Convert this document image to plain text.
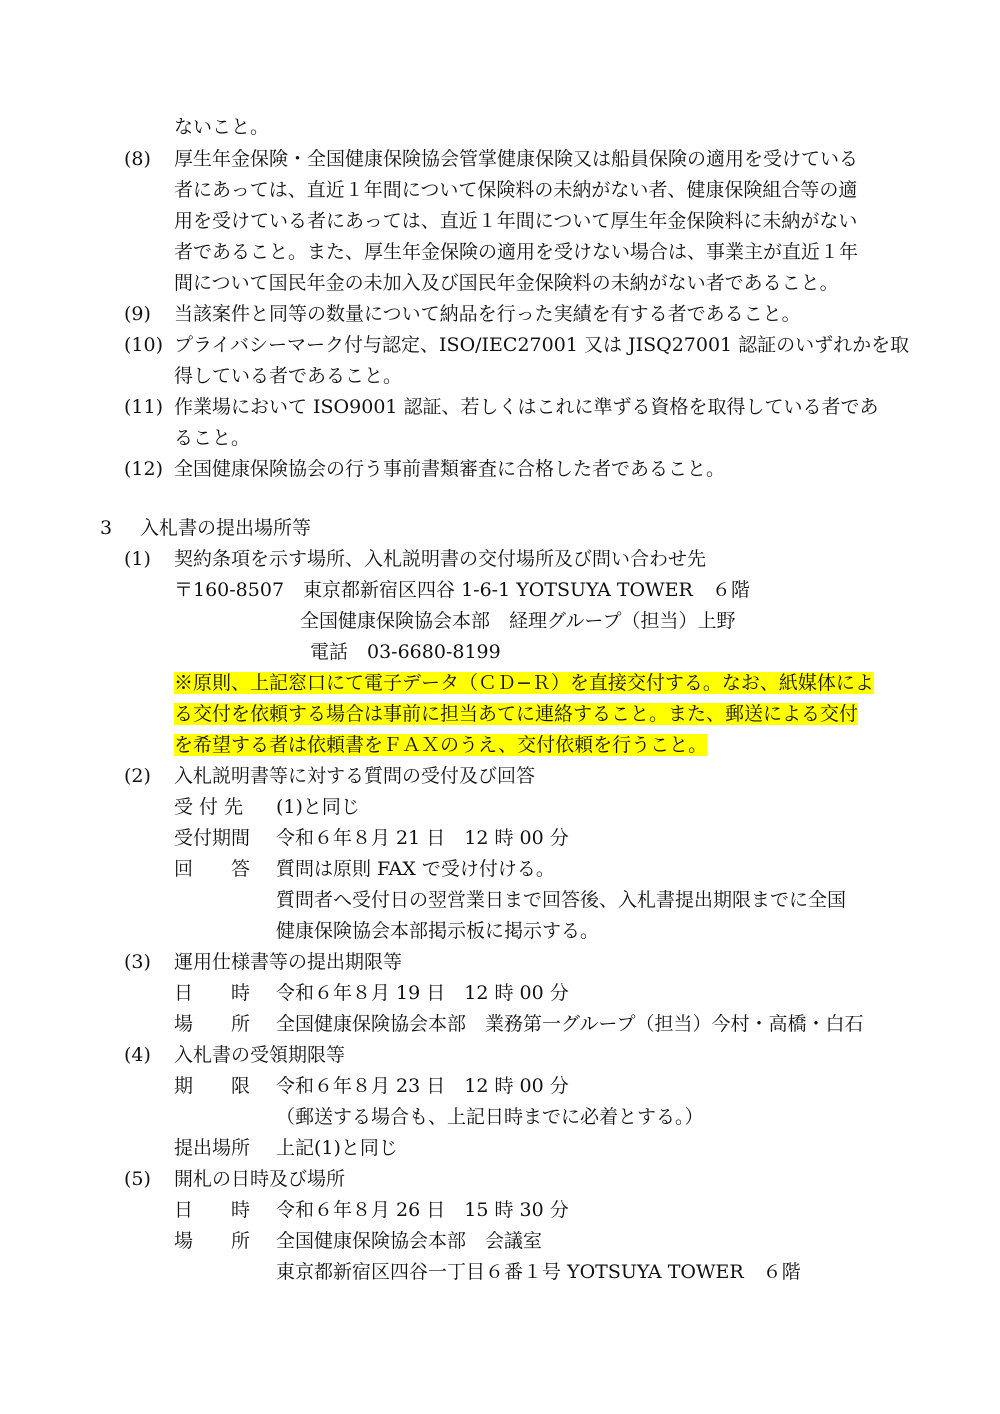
ないこと。
(8) 厚生年金保険・全国健康保険協会管掌健康保険又は船員保険の適用を受けている
者にあっては、直近１年間について保険料の未納がない者、健康保険組合等の適
用を受けている者にあっては、直近１年間について厚生年金保険料に未納がない
者であること。また、厚生年金保険の適用を受けない場合は、事業主が直近１年
間について国民年金の未加入及び国民年金保険料の未納がない者であること。
(9) 当該案件と同等の数量について納品を行った実績を有する者であること。
(10) プライバシーマーク付与認定、ISO/IEC27001 又は JISQ27001 認証のいずれかを取
得している者であること。
(11) 作業場において ISO9001 認証、若しくはこれに準ずる資格を取得している者であ
ること。
(12) 全国健康保険協会の行う事前書類審査に合格した者であること。
3 入札書の提出場所等
(1) 契約条項を示す場所、入札説明書の交付場所及び問い合わせ先
〒160-8507　東京都新宿区四谷 1-6-1 YOTSUYA TOWER　６階
全国健康保険協会本部　経理グループ（担当）上野
電話　03-6680-8199
※原則、上記窓口にて電子データ（ＣＤ−Ｒ）を直接交付する。なお、紙媒体によ
る交付を依頼する場合は事前に担当あてに連絡すること。また、郵送による交付
を希望する者は依頼書をＦＡＸのうえ、交付依頼を行うこと。
(2) 入札説明書等に対する質問の受付及び回答
受 付 先 (1)と同じ
受付期間 令和６年８月 21 日　12 時 00 分
回　　答 質問は原則 FAX で受け付ける。
質問者へ受付日の翌営業日まで回答後、入札書提出期限までに全国
健康保険協会本部掲示板に掲示する。
(3) 運用仕様書等の提出期限等
日　　時 令和６年８月 19 日　12 時 00 分
場　　所 全国健康保険協会本部　業務第一グループ（担当）今村・高橋・白石
(4) 入札書の受領期限等
期　　限 令和６年８月 23 日　12 時 00 分
（郵送する場合も、上記日時までに必着とする。）
提出場所 上記(1)と同じ
(5) 開札の日時及び場所
日　　時 令和６年８月 26 日　15 時 30 分
場　　所 全国健康保険協会本部　会議室
東京都新宿区四谷一丁目６番１号 YOTSUYA TOWER　６階
